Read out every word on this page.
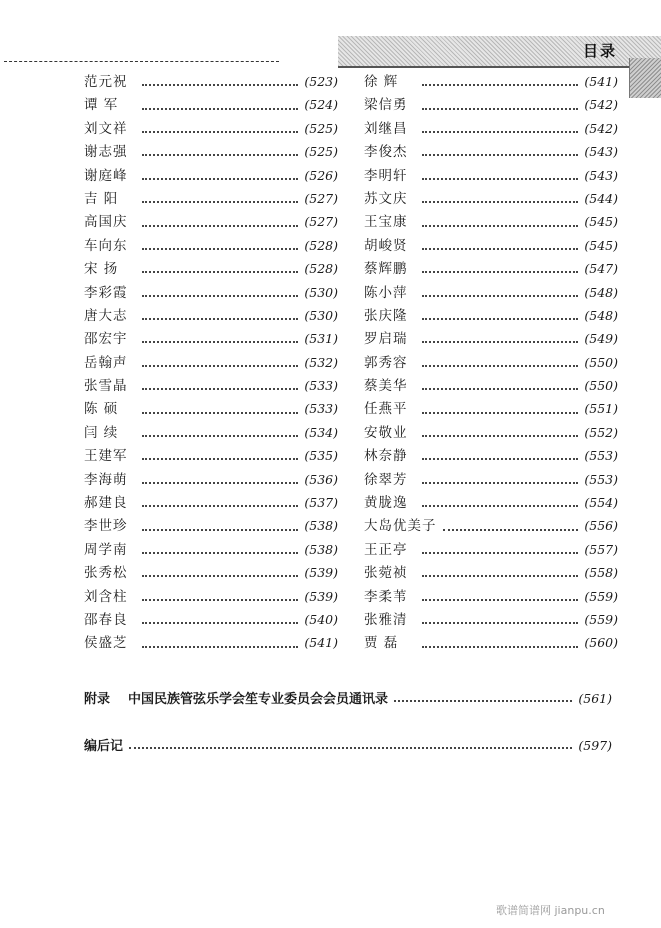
目录
范元祝	(523)
谭 军	(524)
刘文祥	(525)
谢志强	(525)
谢庭峰	(526)
吉 阳	(527)
高国庆	(527)
车向东	(528)
宋 扬	(528)
李彩霞	(530)
唐大志	(530)
邵宏宇	(531)
岳翰声	(532)
张雪晶	(533)
陈 硕	(533)
闫 续	(534)
王建军	(535)
李海萌	(536)
郝建良	(537)
李世珍	(538)
周学南	(538)
张秀松	(539)
刘含柱	(539)
邵春良	(540)
侯盛芝	(541)
徐 辉	(541)
梁信勇	(542)
刘继昌	(542)
李俊杰	(543)
李明轩	(543)
苏文庆	(544)
王宝康	(545)
胡峻贤	(545)
蔡辉鹏	(547)
陈小萍	(548)
张庆隆	(548)
罗启瑞	(549)
郭秀容	(550)
蔡美华	(550)
任燕平	(551)
安敬业	(552)
林奈静	(553)
徐翠芳	(553)
黄胧逸	(554)
大岛优美子	(556)
王正亭	(557)
张菀祯	(558)
李柔苇	(559)
张雅清	(559)
贾 磊	(560)
附录 中国民族管弦乐学会笙专业委员会会员通讯录	(561)
编后记	(597)
歌谱简谱网 jianpu.cn
